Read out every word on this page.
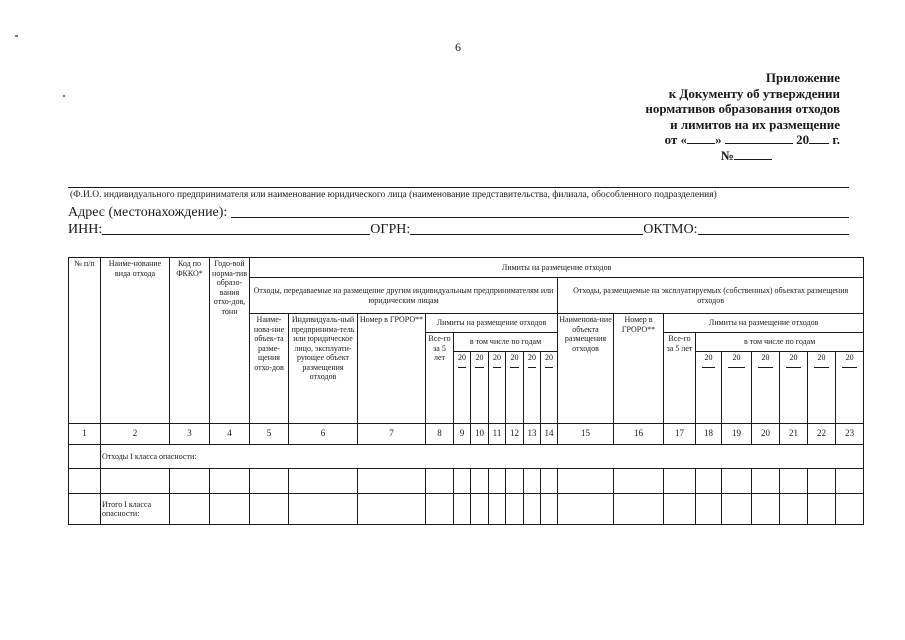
6
Приложение
к Документу об утверждении
нормативов образования отходов
и лимитов на их размещение
от « »	20 г.
№
(Ф.И.О. индивидуального предпринимателя или наименование юридического лица (наименование представительства, филиала, обособленного подразделения)
Адрес (местонахождение):
ИНН:	ОГРН:	ОКТМО:
№ п/п	Наиме-нование вида отхода	Код по ФККО*	Годо-вой норма-тив образо-вания отхо-дов, тонн	Лимиты на размещение отходов																		
				Отходы, передаваемые на размещение другим индивидуальным предпринимателям или юридическим лицам										Отходы, размещаемые на эксплуатируемых (собственных) объектах размещения отходов								
				Наиме-нова-ние объек-та разме-щения отхо-дов	Индивидуаль-ный предпринима-тель или юридическое лицо, эксплуати-рующее объект размещения отходов	Номер в ГРОРО**	Лимиты на размещение отходов							Наименова-ние объекта размещения отходов	Номер в ГРОРО**	Лимиты на размещение отходов						
							Все-го за 5 лет	в том числе по годам								Все-го за 5 лет	в том числе по годам					
								20	20	20	20	20	20				20	20	20	20	20	20

1	2	3	4	5	6	7	8	9	10	11	12	13	14	15	16	17	18	19	20	21	22	23
	Отходы I класса опасности:																					

	Итого I класса опасности:																					
